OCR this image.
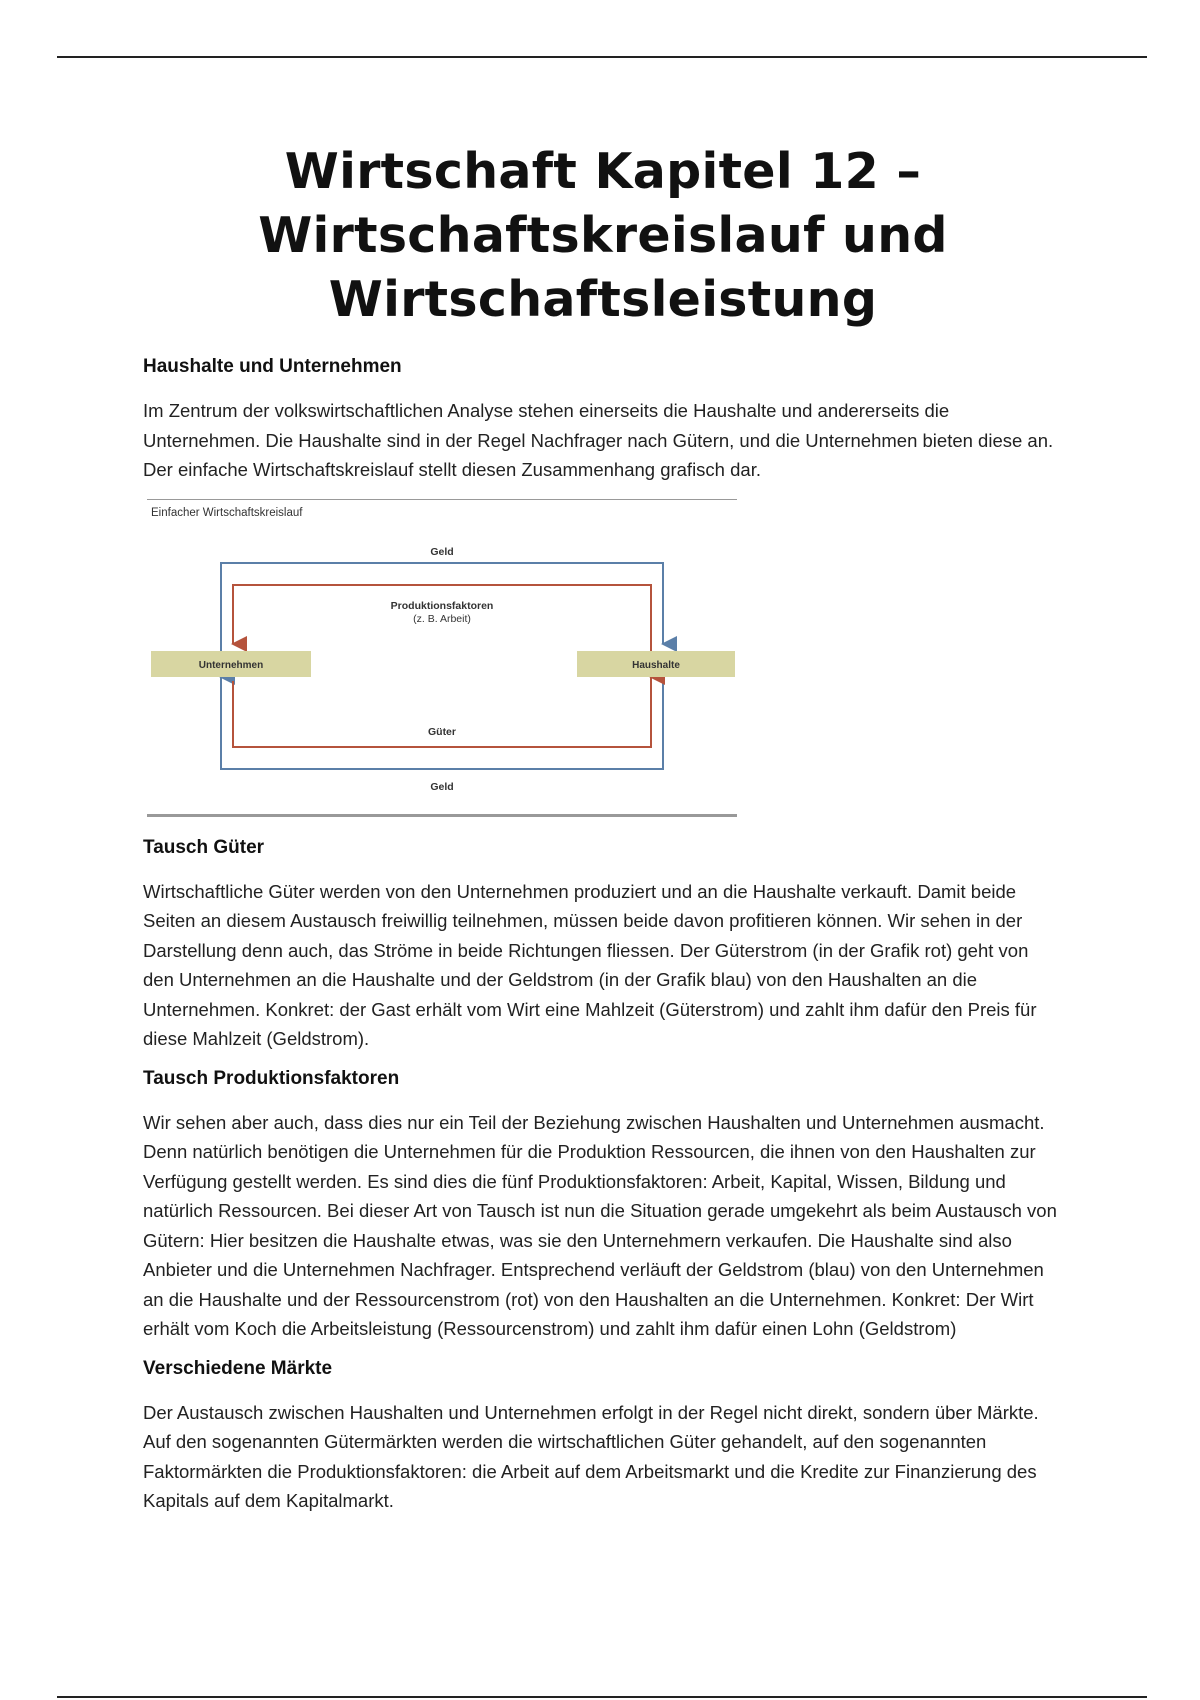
Wirtschaft Kapitel 12 –
Wirtschaftskreislauf und
Wirtschaftsleistung
Haushalte und Unternehmen

Im Zentrum der volkswirtschaftlichen Analyse stehen einerseits die Haushalte und andererseits die Unternehmen. Die Haushalte sind in der Regel Nachfrager nach Gütern, und die Unternehmen bieten diese an. Der einfache Wirtschaftskreislauf stellt diesen Zusammenhang grafisch dar.

Einfacher Wirtschaftskreislauf
Unternehmen	Haushalte
Geld
Produktionsfaktoren
(z. B. Arbeit)
Güter
Geld
Tausch Güter

Wirtschaftliche Güter werden von den Unternehmen produziert und an die Haushalte verkauft. Damit beide Seiten an diesem Austausch freiwillig teilnehmen, müssen beide davon profitieren können. Wir sehen in der Darstellung denn auch, das Ströme in beide Richtungen fliessen. Der Güterstrom (in der Grafik rot) geht von den Unternehmen an die Haushalte und der Geldstrom (in der Grafik blau) von den Haushalten an die Unternehmen. Konkret: der Gast erhält vom Wirt eine Mahlzeit (Güterstrom) und zahlt ihm dafür den Preis für diese Mahlzeit (Geldstrom).

Tausch Produktionsfaktoren

Wir sehen aber auch, dass dies nur ein Teil der Beziehung zwischen Haushalten und Unternehmen ausmacht. Denn natürlich benötigen die Unternehmen für die Produktion Ressourcen, die ihnen von den Haushalten zur Verfügung gestellt werden. Es sind dies die fünf Produktionsfaktoren: Arbeit, Kapital, Wissen, Bildung und natürlich Ressourcen. Bei dieser Art von Tausch ist nun die Situation gerade umgekehrt als beim Austausch von Gütern: Hier besitzen die Haushalte etwas, was sie den Unternehmern verkaufen. Die Haushalte sind also Anbieter und die Unternehmen Nachfrager. Entsprechend verläuft der Geldstrom (blau) von den Unternehmen an die Haushalte und der Ressourcenstrom (rot) von den Haushalten an die Unternehmen. Konkret: Der Wirt erhält vom Koch die Arbeitsleistung (Ressourcenstrom) und zahlt ihm dafür einen Lohn (Geldstrom)

Verschiedene Märkte

Der Austausch zwischen Haushalten und Unternehmen erfolgt in der Regel nicht direkt, sondern über Märkte. Auf den sogenannten Gütermärkten werden die wirtschaftlichen Güter gehandelt, auf den sogenannten Faktormärkten die Produktionsfaktoren: die Arbeit auf dem Arbeitsmarkt und die Kredite zur Finanzierung des Kapitals auf dem Kapitalmarkt.
